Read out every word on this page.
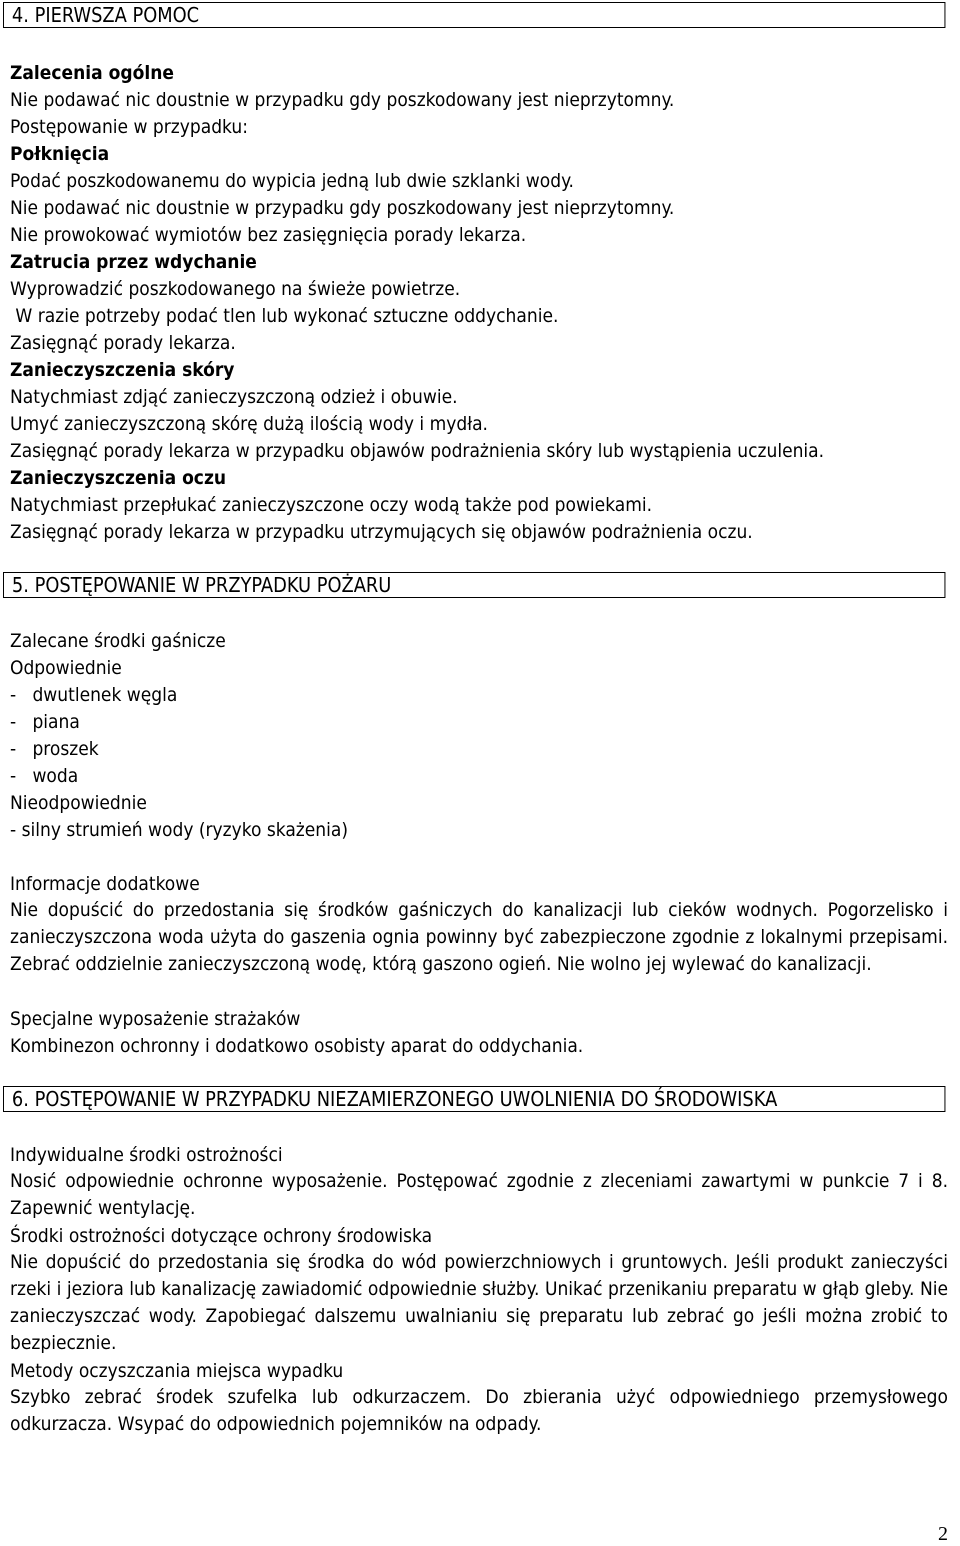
4. PIERWSZA POMOC
Zalecenia ogólne
Nie podawać nic doustnie w przypadku gdy poszkodowany jest nieprzytomny.
Postępowanie w przypadku:
Połknięcia
Podać poszkodowanemu do wypicia jedną lub dwie szklanki wody.
Nie podawać nic doustnie w przypadku gdy poszkodowany jest nieprzytomny.
Nie prowokować wymiotów bez zasięgnięcia porady lekarza.
Zatrucia przez wdychanie
Wyprowadzić poszkodowanego na świeże powietrze.
W razie potrzeby podać tlen lub wykonać sztuczne oddychanie.
Zasięgnąć porady lekarza.
Zanieczyszczenia skóry
Natychmiast zdjąć zanieczyszczoną odzież i obuwie.
Umyć zanieczyszczoną skórę dużą ilością wody i mydła.
Zasięgnąć porady lekarza w przypadku objawów podrażnienia skóry lub wystąpienia uczulenia.
Zanieczyszczenia oczu
Natychmiast przepłukać zanieczyszczone oczy wodą także pod powiekami.
Zasięgnąć porady lekarza w przypadku utrzymujących się objawów podrażnienia oczu.
5. POSTĘPOWANIE W PRZYPADKU POŻARU
Zalecane środki gaśnicze
Odpowiednie
-   dwutlenek węgla
-   piana
-   proszek
-   woda
Nieodpowiednie
- silny strumień wody (ryzyko skażenia)
Informacje dodatkowe
Nie dopuścić do przedostania się środków gaśniczych do kanalizacji lub cieków wodnych. Pogorzelisko i zanieczyszczona woda użyta do gaszenia ognia powinny być zabezpieczone zgodnie z lokalnymi przepisami. Zebrać oddzielnie zanieczyszczoną wodę, którą gaszono ogień. Nie wolno jej wylewać do kanalizacji.
Specjalne wyposażenie strażaków
Kombinezon ochronny i dodatkowo osobisty aparat do oddychania.
6. POSTĘPOWANIE W PRZYPADKU NIEZAMIERZONEGO UWOLNIENIA DO ŚRODOWISKA
Indywidualne środki ostrożności
Nosić odpowiednie ochronne wyposażenie. Postępować zgodnie z zleceniami zawartymi w punkcie 7 i 8. Zapewnić wentylację.
Środki ostrożności dotyczące ochrony środowiska
Nie dopuścić do przedostania się środka do wód powierzchniowych i gruntowych. Jeśli produkt zanieczyści rzeki i jeziora lub kanalizację zawiadomić odpowiednie służby. Unikać przenikaniu preparatu w głąb gleby. Nie zanieczyszczać wody. Zapobiegać dalszemu uwalnianiu się preparatu lub zebrać go jeśli można zrobić to bezpiecznie.
Metody oczyszczania miejsca wypadku
Szybko zebrać środek szufelka lub odkurzaczem. Do zbierania użyć odpowiedniego przemysłowego odkurzacza. Wsypać do odpowiednich pojemników na odpady.
2
